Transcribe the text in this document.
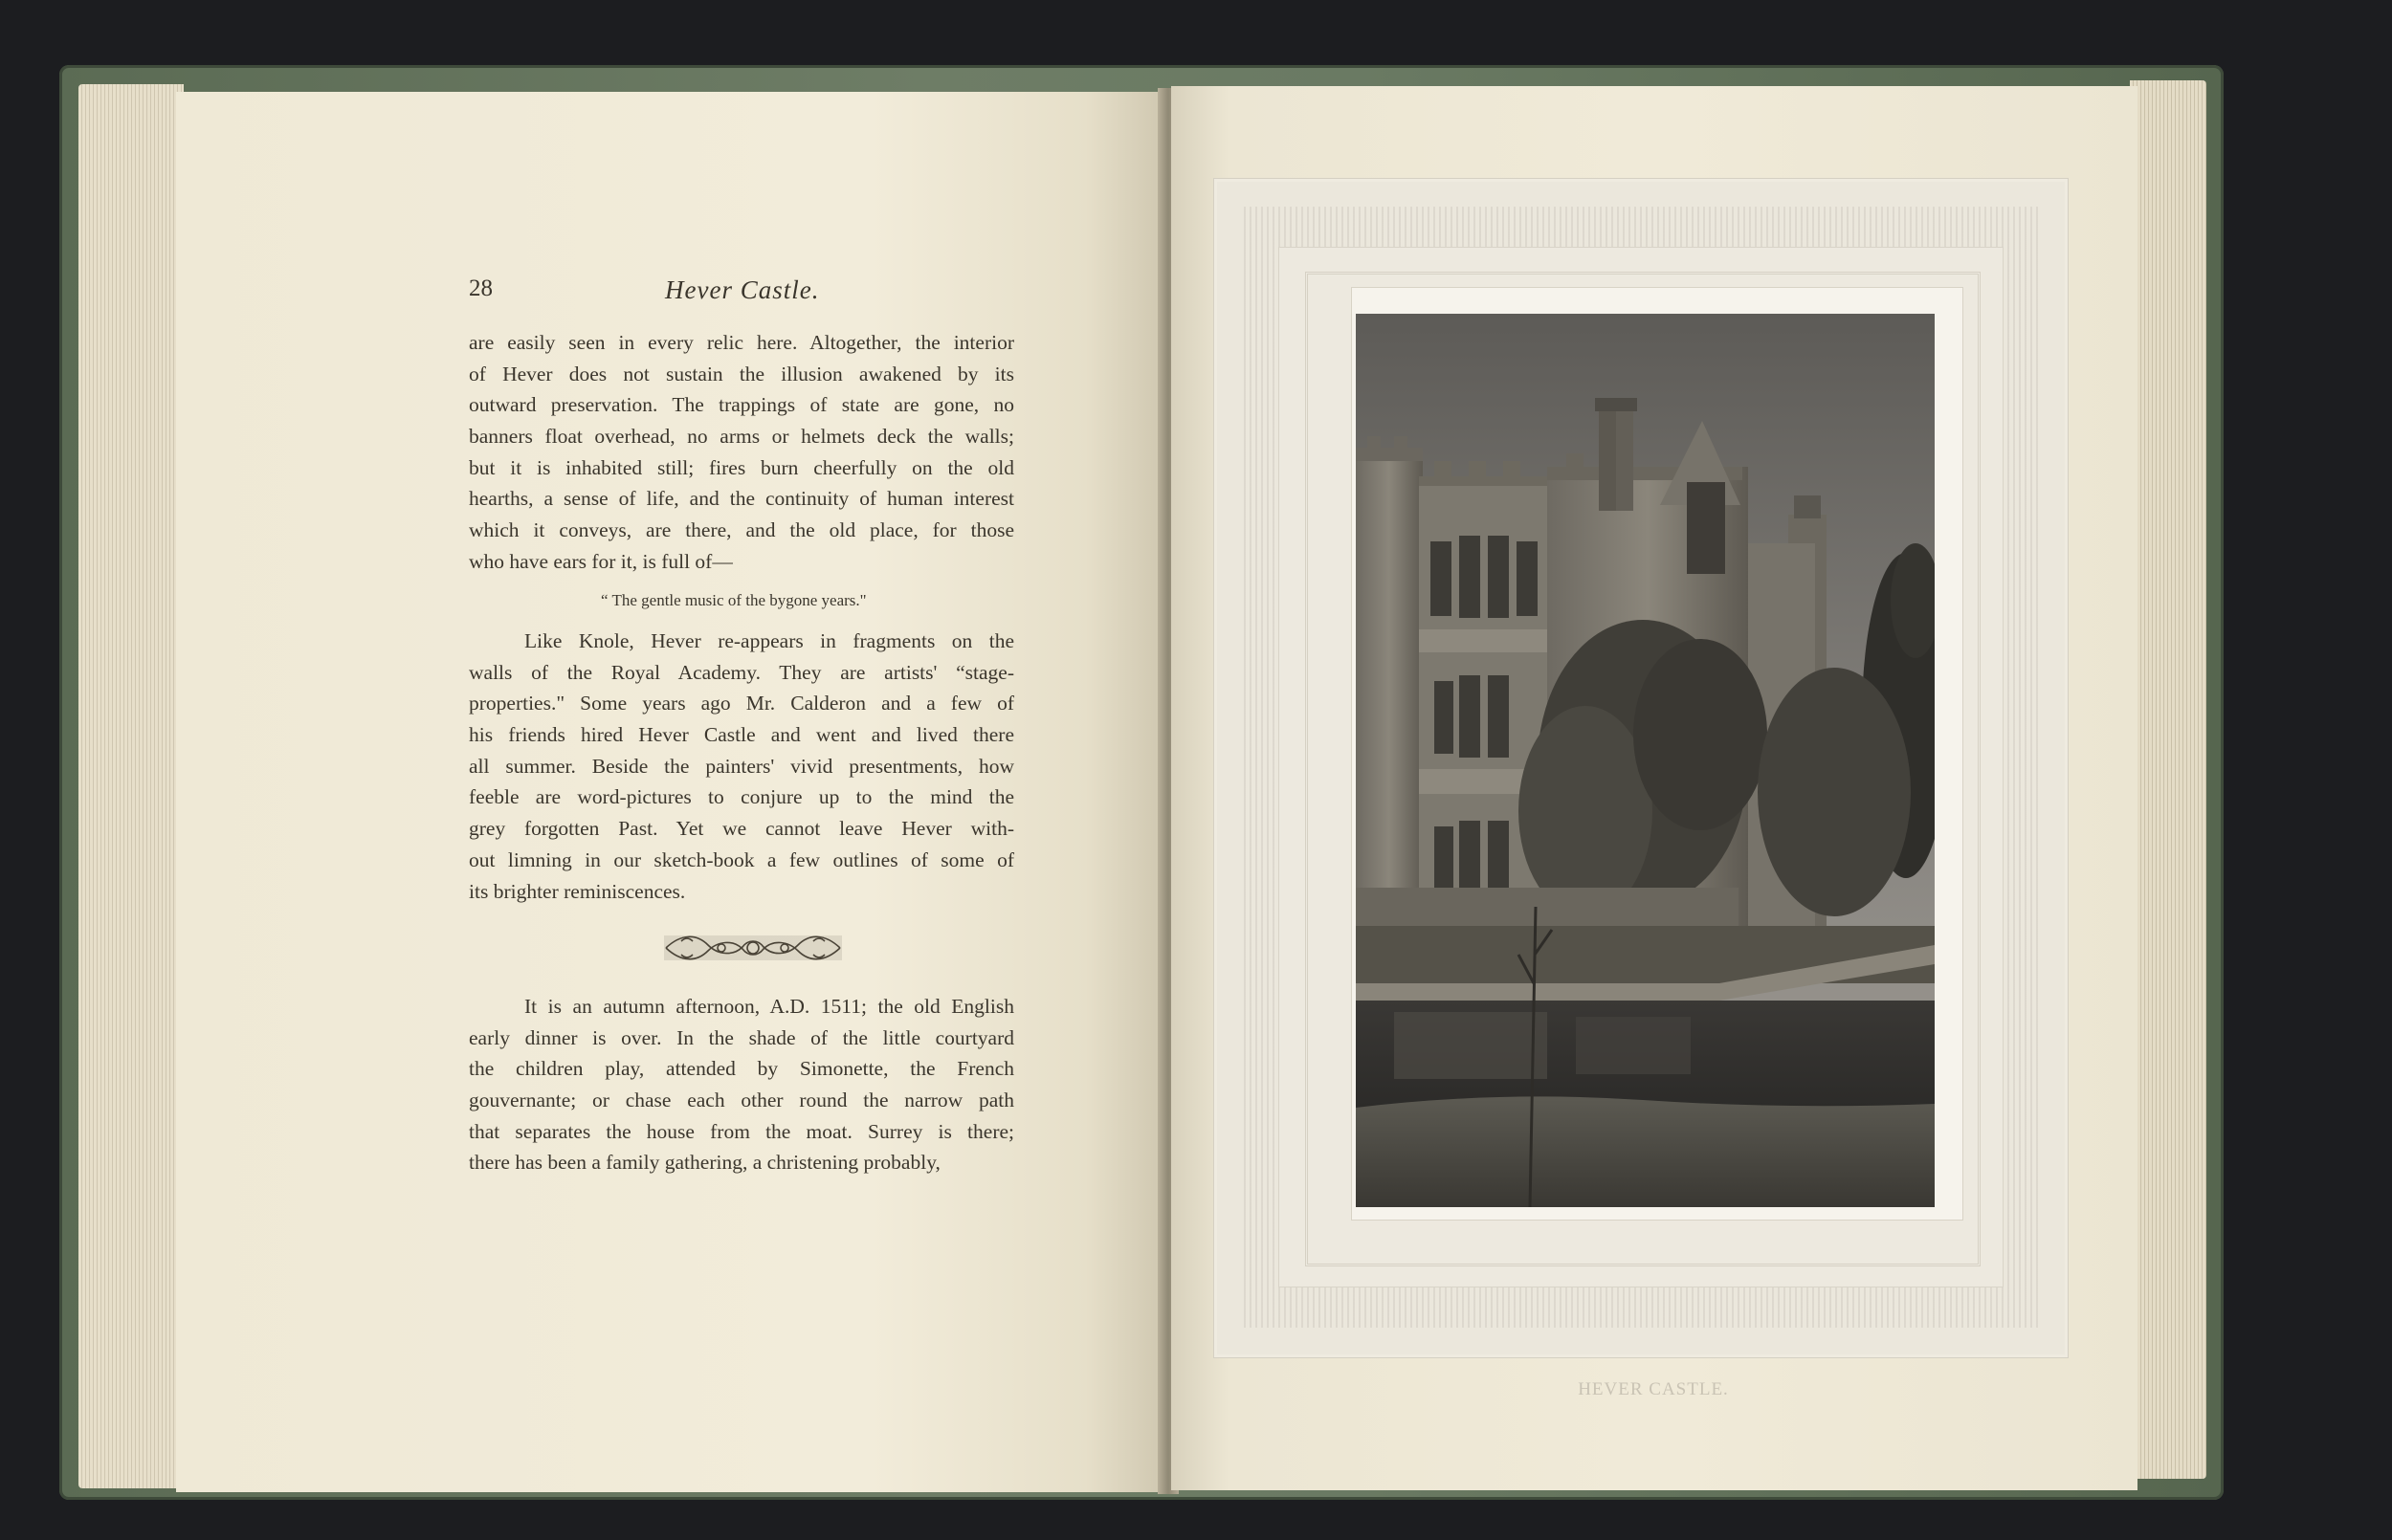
28	Hever Castle.
are easily seen in every relic here. Altogether, the interior
of Hever does not sustain the illusion awakened by its
outward preservation. The trappings of state are gone, no
banners float overhead, no arms or helmets deck the walls;
but it is inhabited still; fires burn cheerfully on the old
hearths, a sense of life, and the continuity of human interest
which it conveys, are there, and the old place, for those
who have ears for it, is full of—
“ The gentle music of the bygone years."
Like Knole, Hever re-appears in fragments on the
walls of the Royal Academy. They are artists' “stage-
properties." Some years ago Mr. Calderon and a few of
his friends hired Hever Castle and went and lived there
all summer. Beside the painters' vivid presentments, how
feeble are word-pictures to conjure up to the mind the
grey forgotten Past. Yet we cannot leave Hever with-
out limning in our sketch-book a few outlines of some of
its brighter reminiscences.
It is an autumn afternoon, A.D. 1511; the old English
early dinner is over. In the shade of the little courtyard
the children play, attended by Simonette, the French
gouvernante; or chase each other round the narrow path
that separates the house from the moat. Surrey is there;
there has been a family gathering, a christening probably,
HEVER CASTLE.
